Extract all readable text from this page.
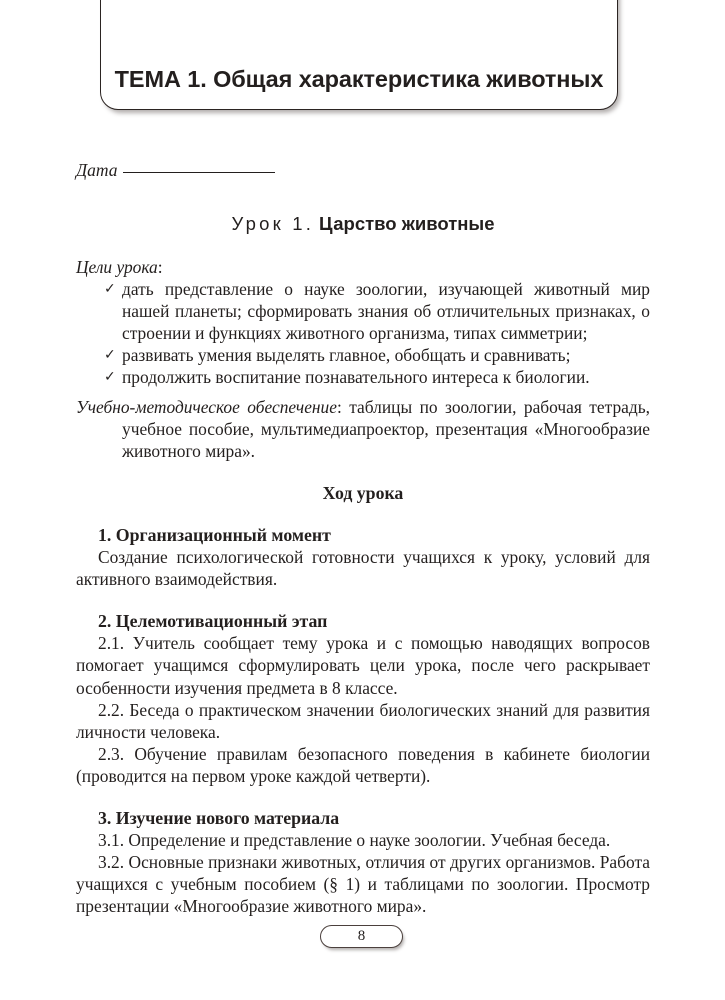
ТЕМА 1. Общая характеристика животных
Дата
Урок 1. Царство животные
Цели урока:
✓ дать представление о науке зоологии, изучающей животный мир нашей планеты; сформировать знания об отличительных признаках, о строении и функциях животного организма, типах симметрии;
✓ развивать умения выделять главное, обобщать и сравнивать;
✓ продолжить воспитание познавательного интереса к биологии.
Учебно-методическое обеспечение: таблицы по зоологии, рабочая тетрадь, учебное пособие, мультимедиапроектор, презентация «Многообразие животного мира».
Ход урока
1. Организационный момент
Создание психологической готовности учащихся к уроку, условий для активного взаимодействия.
2. Целемотивационный этап
2.1. Учитель сообщает тему урока и с помощью наводящих вопросов помогает учащимся сформулировать цели урока, после чего раскрывает особенности изучения предмета в 8 классе.
2.2. Беседа о практическом значении биологических знаний для развития личности человека.
2.3. Обучение правилам безопасного поведения в кабинете биологии (проводится на первом уроке каждой четверти).
3. Изучение нового материала
3.1. Определение и представление о науке зоологии. Учебная беседа.
3.2. Основные признаки животных, отличия от других организмов. Работа учащихся с учебным пособием (§ 1) и таблицами по зоологии. Просмотр презентации «Многообразие животного мира».
8
